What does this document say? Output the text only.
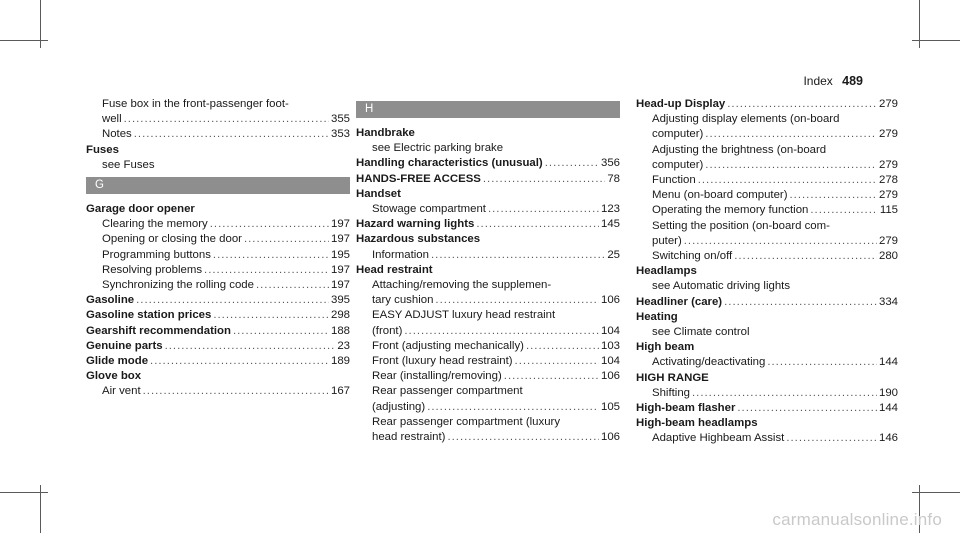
Index 489
Fuse box in the front-passenger foot-
well .....	355
Notes .....	353
Fuses
see Fuses
G
Garage door opener
Clearing the memory .....	197
Opening or closing the door .....	197
Programming buttons .....	195
Resolving problems .....	197
Synchronizing the rolling code .....	197
Gasoline .....	395
Gasoline station prices .....	298
Gearshift recommendation .....	188
Genuine parts .....	23
Glide mode .....	189
Glove box
Air vent .....	167
H
Handbrake
see Electric parking brake
Handling characteristics (unusual) .....	356
HANDS-FREE ACCESS .....	78
Handset
Stowage compartment .....	123
Hazard warning lights .....	145
Hazardous substances
Information .....	25
Head restraint
Attaching/removing the supplemen-
tary cushion .....	106
EASY ADJUST luxury head restraint
(front) .....	104
Front (adjusting mechanically) .....	103
Front (luxury head restraint) .....	104
Rear (installing/removing) .....	106
Rear passenger compartment
(adjusting) .....	105
Rear passenger compartment (luxury
head restraint) .....	106
Head-up Display .....	279
Adjusting display elements (on-board
computer) .....	279
Adjusting the brightness (on-board
computer) .....	279
Function .....	278
Menu (on-board computer) .....	279
Operating the memory function .....	115
Setting the position (on-board com-
puter) .....	279
Switching on/off .....	280
Headlamps
see Automatic driving lights
Headliner (care) .....	334
Heating
see Climate control
High beam
Activating/deactivating .....	144
HIGH RANGE
Shifting .....	190
High-beam flasher .....	144
High-beam headlamps
Adaptive Highbeam Assist .....	146
carmanualsonline.info
